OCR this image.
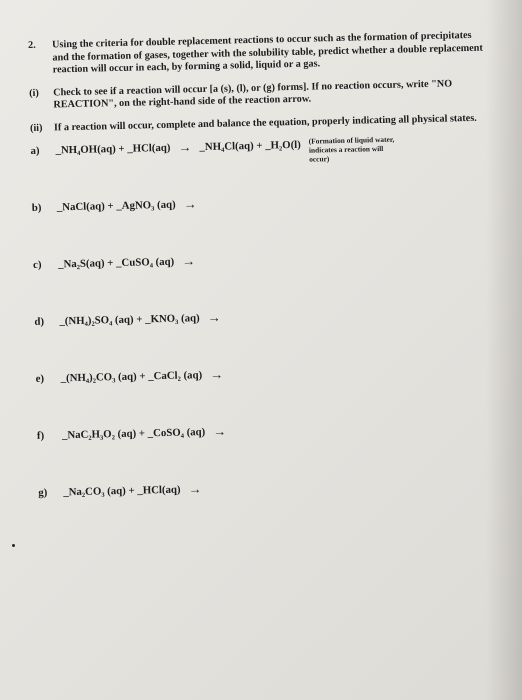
2.	Using the criteria for double replacement reactions to occur such as the formation of precipitates and the formation of gases, together with the solubility table, predict whether a double replacement reaction will occur in each, by forming a solid, liquid or a gas.
(i)	Check to see if a reaction will occur [a (s), (l), or (g) forms]. If no reaction occurs, write "NO REACTION", on the right-hand side of the reaction arrow.
(ii)	If a reaction will occur, complete and balance the equation, properly indicating all physical states.
a)	_NH₄OH(aq) + _HCl(aq) → _NH₄Cl(aq) + _H₂O(l) (Formation of liquid water, indicates a reaction will occur)
b)	_NaCl(aq) + _AgNO₃ (aq) →
c)	_Na₂S(aq) + _CuSO₄ (aq) →
d)	_(NH₄)₂SO₄ (aq) + _KNO₃ (aq) →
e)	_(NH₄)₂CO₃ (aq) + _CaCl₂ (aq) →
f)	_NaC₂H₃O₂ (aq) + _CoSO₄ (aq) →
g)	_Na₂CO₃ (aq) + _HCl(aq) →
